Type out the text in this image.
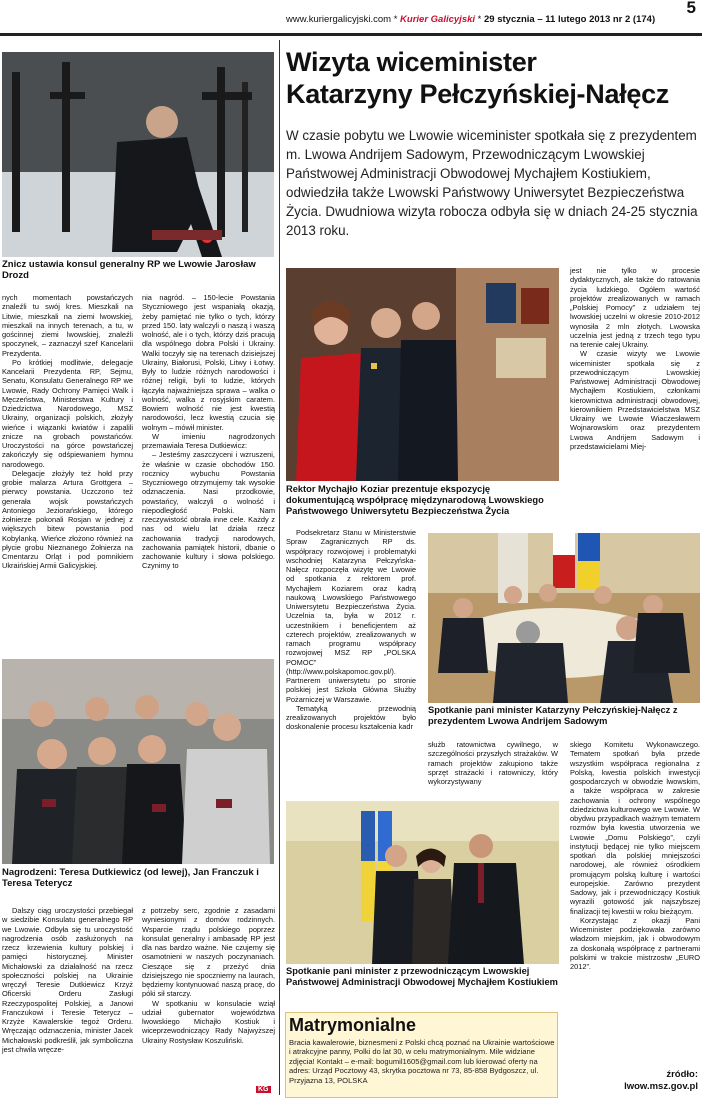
www.kuriergalicyjski.com * Kurier Galicyjski * 29 stycznia – 11 lutego 2013 nr 2 (174)
5
Znicz ustawia konsul generalny RP we Lwowie Jarosław Drozd

nych momentach powstańczych znaleźli tu swój kres. Mieszkali na Litwie, mieszkali na ziemi lwowskiej, mieszkali na innych terenach, a tu, w gościnnej ziemi lwowskiej, znaleźli spoczynek, – zaznaczył szef Kancelarii Prezydenta.

Po krótkiej modlitwie, delegacje Kancelarii Prezydenta RP, Sejmu, Senatu, Konsulatu Generalnego RP we Lwowie, Rady Ochrony Pamięci Walk i Męczeństwa, Ministerstwa Kultury i Dziedzictwa Narodowego, MSZ Ukrainy, organizacji polskich, złożyły wieńce i wiązanki kwiatów i zapalili znicze na grobach powstańców. Uroczystości na górce powstańczej zakończyły się odśpiewaniem hymnu narodowego.

Delegacje złożyły też hołd przy grobie malarza Artura Grottgera – pierwcy powstania. Uczczono też generała wojsk powstańczych Antoniego Jeziorańskiego, którego żołnierze pokonali Rosjan w jednej z większych bitew powstania pod Kobylanką. Wieńce złożono również na płycie grobu Nieznanego Żołnierza na Cmentarzu Orląt i pod pomnikiem Ukraińskiej Armii Galicyjskiej.

nia nagród. – 150-lecie Powstania Styczniowego jest wspaniałą okazją, żeby pamiętać nie tylko o tych, którzy przed 150. laty walczyli o naszą i waszą wolność, ale i o tych, którzy dziś pracują dla wspólnego dobra Polski i Ukrainy. Walki toczyły się na terenach dzisiejszej Ukrainy, Białorusi, Polski, Litwy i Łotwy. Były to ludzie różnych narodowości i różnej religii, byli to ludzie, których łączyła najważniejsza sprawa – walka o wolność, walka z rosyjskim caratem. Bowiem wolność nie jest kwestią narodowości, lecz kwestią czucia się wolnym – mówił minister.

W imieniu nagrodzonych przemawiała Teresa Dutkiewicz:

– Jesteśmy zaszczyceni i wzruszeni, że właśnie w czasie obchodów 150. rocznicy wybuchu Powstania Styczniowego otrzymujemy tak wysokie odznaczenia. Nasi przodkowie, powstańcy, walczyli o wolność i niepodległość Polski. Nam rzeczywistość obrała inne cele. Każdy z nas od wielu lat działa rzecz zachowania tradycji narodowych, zachowania pamiątek historii, dbanie o zachowanie kultury i słowa polskiego. Czynimy to

Nagrodzeni: Teresa Dutkiewicz (od lewej), Jan Franczuk i Teresa Teterycz

Dalszy ciąg uroczystości przebiegał w siedzibie Konsulatu generalnego RP we Lwowie. Odbyła się tu uroczystość nagrodzenia osób zasłużonych na rzecz krzewienia kultury polskiej i pamięci historycznej. Minister Michałowski za działalność na rzecz społeczności polskiej na Ukrainie wręczył Teresie Dutkiewicz Krzyż Oficerski Orderu Zasługi Rzeczypospolitej Polskiej, a Janowi Franczukowi i Teresie Teterycz – Krzyże Kawalerskie tegoż Orderu. Wręczając odznaczenia, minister Jacek Michałowski podkreślił, jak symboliczna jest chwila wręcze-

z potrzeby serc, zgodnie z zasadami wyniesionymi z domów rodzinnych. Wsparcie rządu polskiego poprzez konsulat generalny i ambasadę RP jest dla nas bardzo ważne. Nie czujemy się osamotnieni w naszych poczynaniach. Cieszące się z przeżyć dnia dzisiejszego nie spoczniemy na laurach, będziemy kontynuować naszą pracę, do póki sił starczy.

W spotkaniu w konsulacie wziął udział gubernator województwa lwowskiego Michajło Kostiuk i wiceprzewodniczący Rady Najwyższej Ukrainy Rostysław Koszuliński.

KG
Wizyta wiceminister
Katarzyny Pełczyńskiej-Nałęcz
W czasie pobytu we Lwowie wiceminister spotkała się z prezydentem m. Lwowa Andrijem Sadowym, Przewodniczącym Lwowskiej Państwowej Administracji Obwodowej Mychajłem Kostiukiem, odwiedziła także Lwowski Państwowy Uniwersytet Bezpieczeństwa Życia. Dwudniowa wizyta robocza odbyła się w dniach 24-25 stycznia 2013 roku.
Rektor Mychajło Kozіar prezentuje ekspozycję dokumentującą współpracę międzynarodową Lwowskiego Państwowego Uniwersytetu Bezpieczeństwa Życia

jest nie tylko w procesie dydaktycznych, ale także do ratowania życia ludzkiego. Ogółem wartość projektów zrealizowanych w ramach „Polskiej Pomocy” z udziałem tej lwowskiej uczelni w okresie 2010-2012 wynosiła 2 mln złotych. Lwowska uczelnia jest jedną z trzech tego typu na terenie całej Ukrainy.

W czasie wizyty we Lwowie wiceminister spotkała się z przewodniczącym Lwowskiej Państwowej Administracji Obwodowej Mychajłem Kostiukiem, członkami kierownictwa administracji obwodowej, kierownikiem Przedstawicielstwa MSZ Ukrainy we Lwowie Wiaczesławem Wojnarowskim oraz prezydentem Lwowa Andrijem Sadowym i przedstawicielami Miej-

Podsekretarz Stanu w Ministerstwie Spraw Zagranicznych RP ds. współpracy rozwojowej i problematyki wschodniej Katarzyna Pełczyńska-Nałęcz rozpoczęła wizytę we Lwowie od spotkania z rektorem prof. Mychajłem Kozіarem oraz kadrą naukową Lwowskiego Państwowego Uniwersytetu Bezpieczeństwa Życia. Uczelnia ta, była w 2012 r. uczestnikiem i beneficjentem aż czterech projektów, zrealizowanych w ramach programu współpracy rozwojowej MSZ RP „POLSKA POMOC” (http://www.polskapomoc.gov.pl/). Partnerem uniwersytetu po stronie polskiej jest Szkoła Główna Służby Pożarniczej w Warszawie.

Tematyką przewodnią zrealizowanych projektów było doskonalenie procesu kształcenia kadr

Spotkanie pani minister Katarzyny Pełczyńskiej-Nałęcz z prezydentem Lwowa Andrijem Sadowym

służb ratownictwa cywilnego, w szczególności przyszłych strażaków. W ramach projektów zakupiono także sprzęt strażacki i ratowniczy, który wykorzystywany

Spotkanie pani minister z przewodniczącym Lwowskiej Państwowej Administracji Obwodowej Mychajłem Kostiukiem

skiego Komitetu Wykonawczego. Tematem spotkań była przede wszystkim współpraca regionalna z Polską, kwestia polskich inwestycji gospodarczych w obwodzie lwowskim, a także współpraca w zakresie zachowania i ochrony wspólnego dziedzictwa kulturowego we Lwowie. W obydwu przypadkach ważnym tematem rozmów była kwestia utworzenia we Lwowie „Domu Polskiego”, czyli instytucji będącej nie tylko miejscem spotkań dla polskiej mniejszości narodowej, ale również ośrodkiem promującym polską kulturę i wartości europejskie. Zarówno prezydent Sadowy, jak i przewodniczący Kostiuk wyrazili gotowość jak najszybszej finalizacji tej kwestii w roku bieżącym.

Korzystając z okazji Pani Wiceminister podziękowała zarówno władzom miejskim, jak i obwodowym za doskonałą współpracę z partnerami polskimi w trakcie mistrzostw „EURO 2012”.

źródło:
lwow.msz.gov.pl
Matrymonialne
Bracia kawalerowie, biznesmeni z Polski chcą poznać na Ukrainie wartościowe i atrakcyjne panny, Polki do lat 30, w celu matrymonialnym. Mile widziane zdjęcia! Kontakt – e-mail: bogumil1605@gmail.com lub kierować oferty na adres: Urząd Pocztowy 43, skrytka pocztowa nr 73, 85-858 Bydgoszcz, ul. Przyjazna 13, POLSKA
